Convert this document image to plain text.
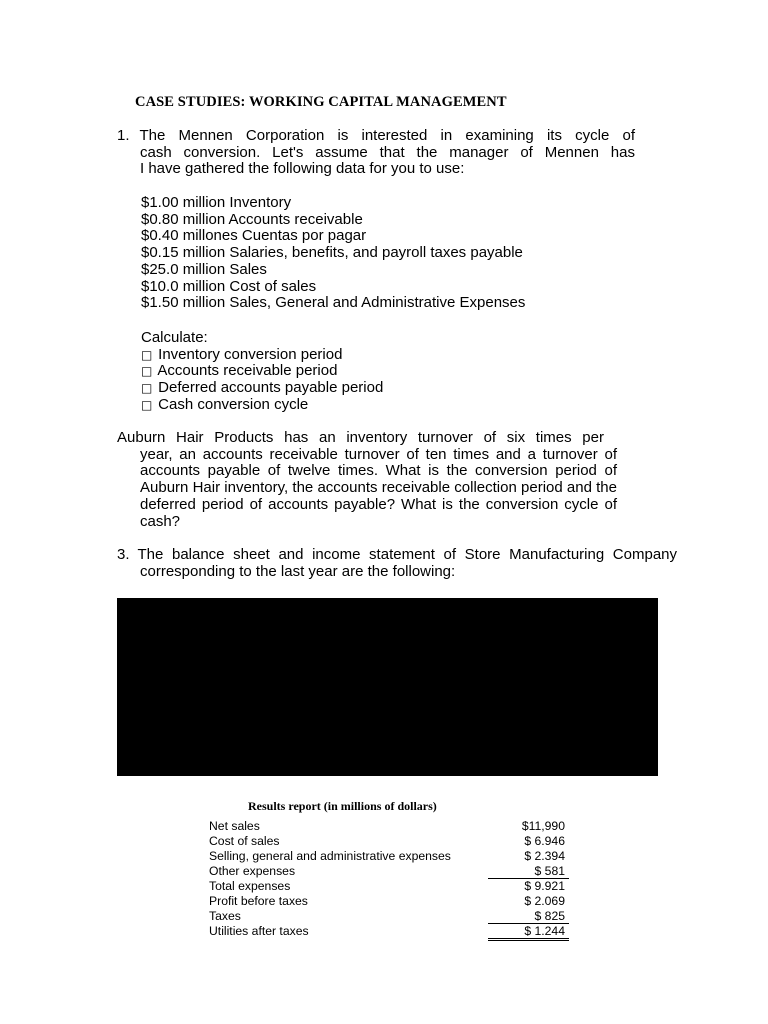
CASE STUDIES: WORKING CAPITAL MANAGEMENT
1. The Mennen Corporation is interested in examining its cycle of
cash conversion. Let's assume that the manager of Mennen has
I have gathered the following data for you to use:
$1.00 million Inventory
$0.80 million Accounts receivable
$0.40 millones Cuentas por pagar
$0.15 million Salaries, benefits, and payroll taxes payable
$25.0 million Sales
$10.0 million Cost of sales
$1.50 million Sales, General and Administrative Expenses
Calculate:
□ Inventory conversion period
□ Accounts receivable period
□ Deferred accounts payable period
□ Cash conversion cycle
Auburn Hair Products has an inventory turnover of six times per
year, an accounts receivable turnover of ten times and a turnover of
accounts payable of twelve times. What is the conversion period of
Auburn Hair inventory, the accounts receivable collection period and the
deferred period of accounts payable? What is the conversion cycle of
cash?
3. The balance sheet and income statement of Store Manufacturing Company
corresponding to the last year are the following:
Results report (in millions of dollars)
Net sales	$11,990
Cost of sales	$ 6.946
Selling, general and administrative expenses	$ 2.394
Other expenses	$ 581
Total expenses	$ 9.921
Profit before taxes	$ 2.069
Taxes	$ 825
Utilities after taxes	$ 1.244
